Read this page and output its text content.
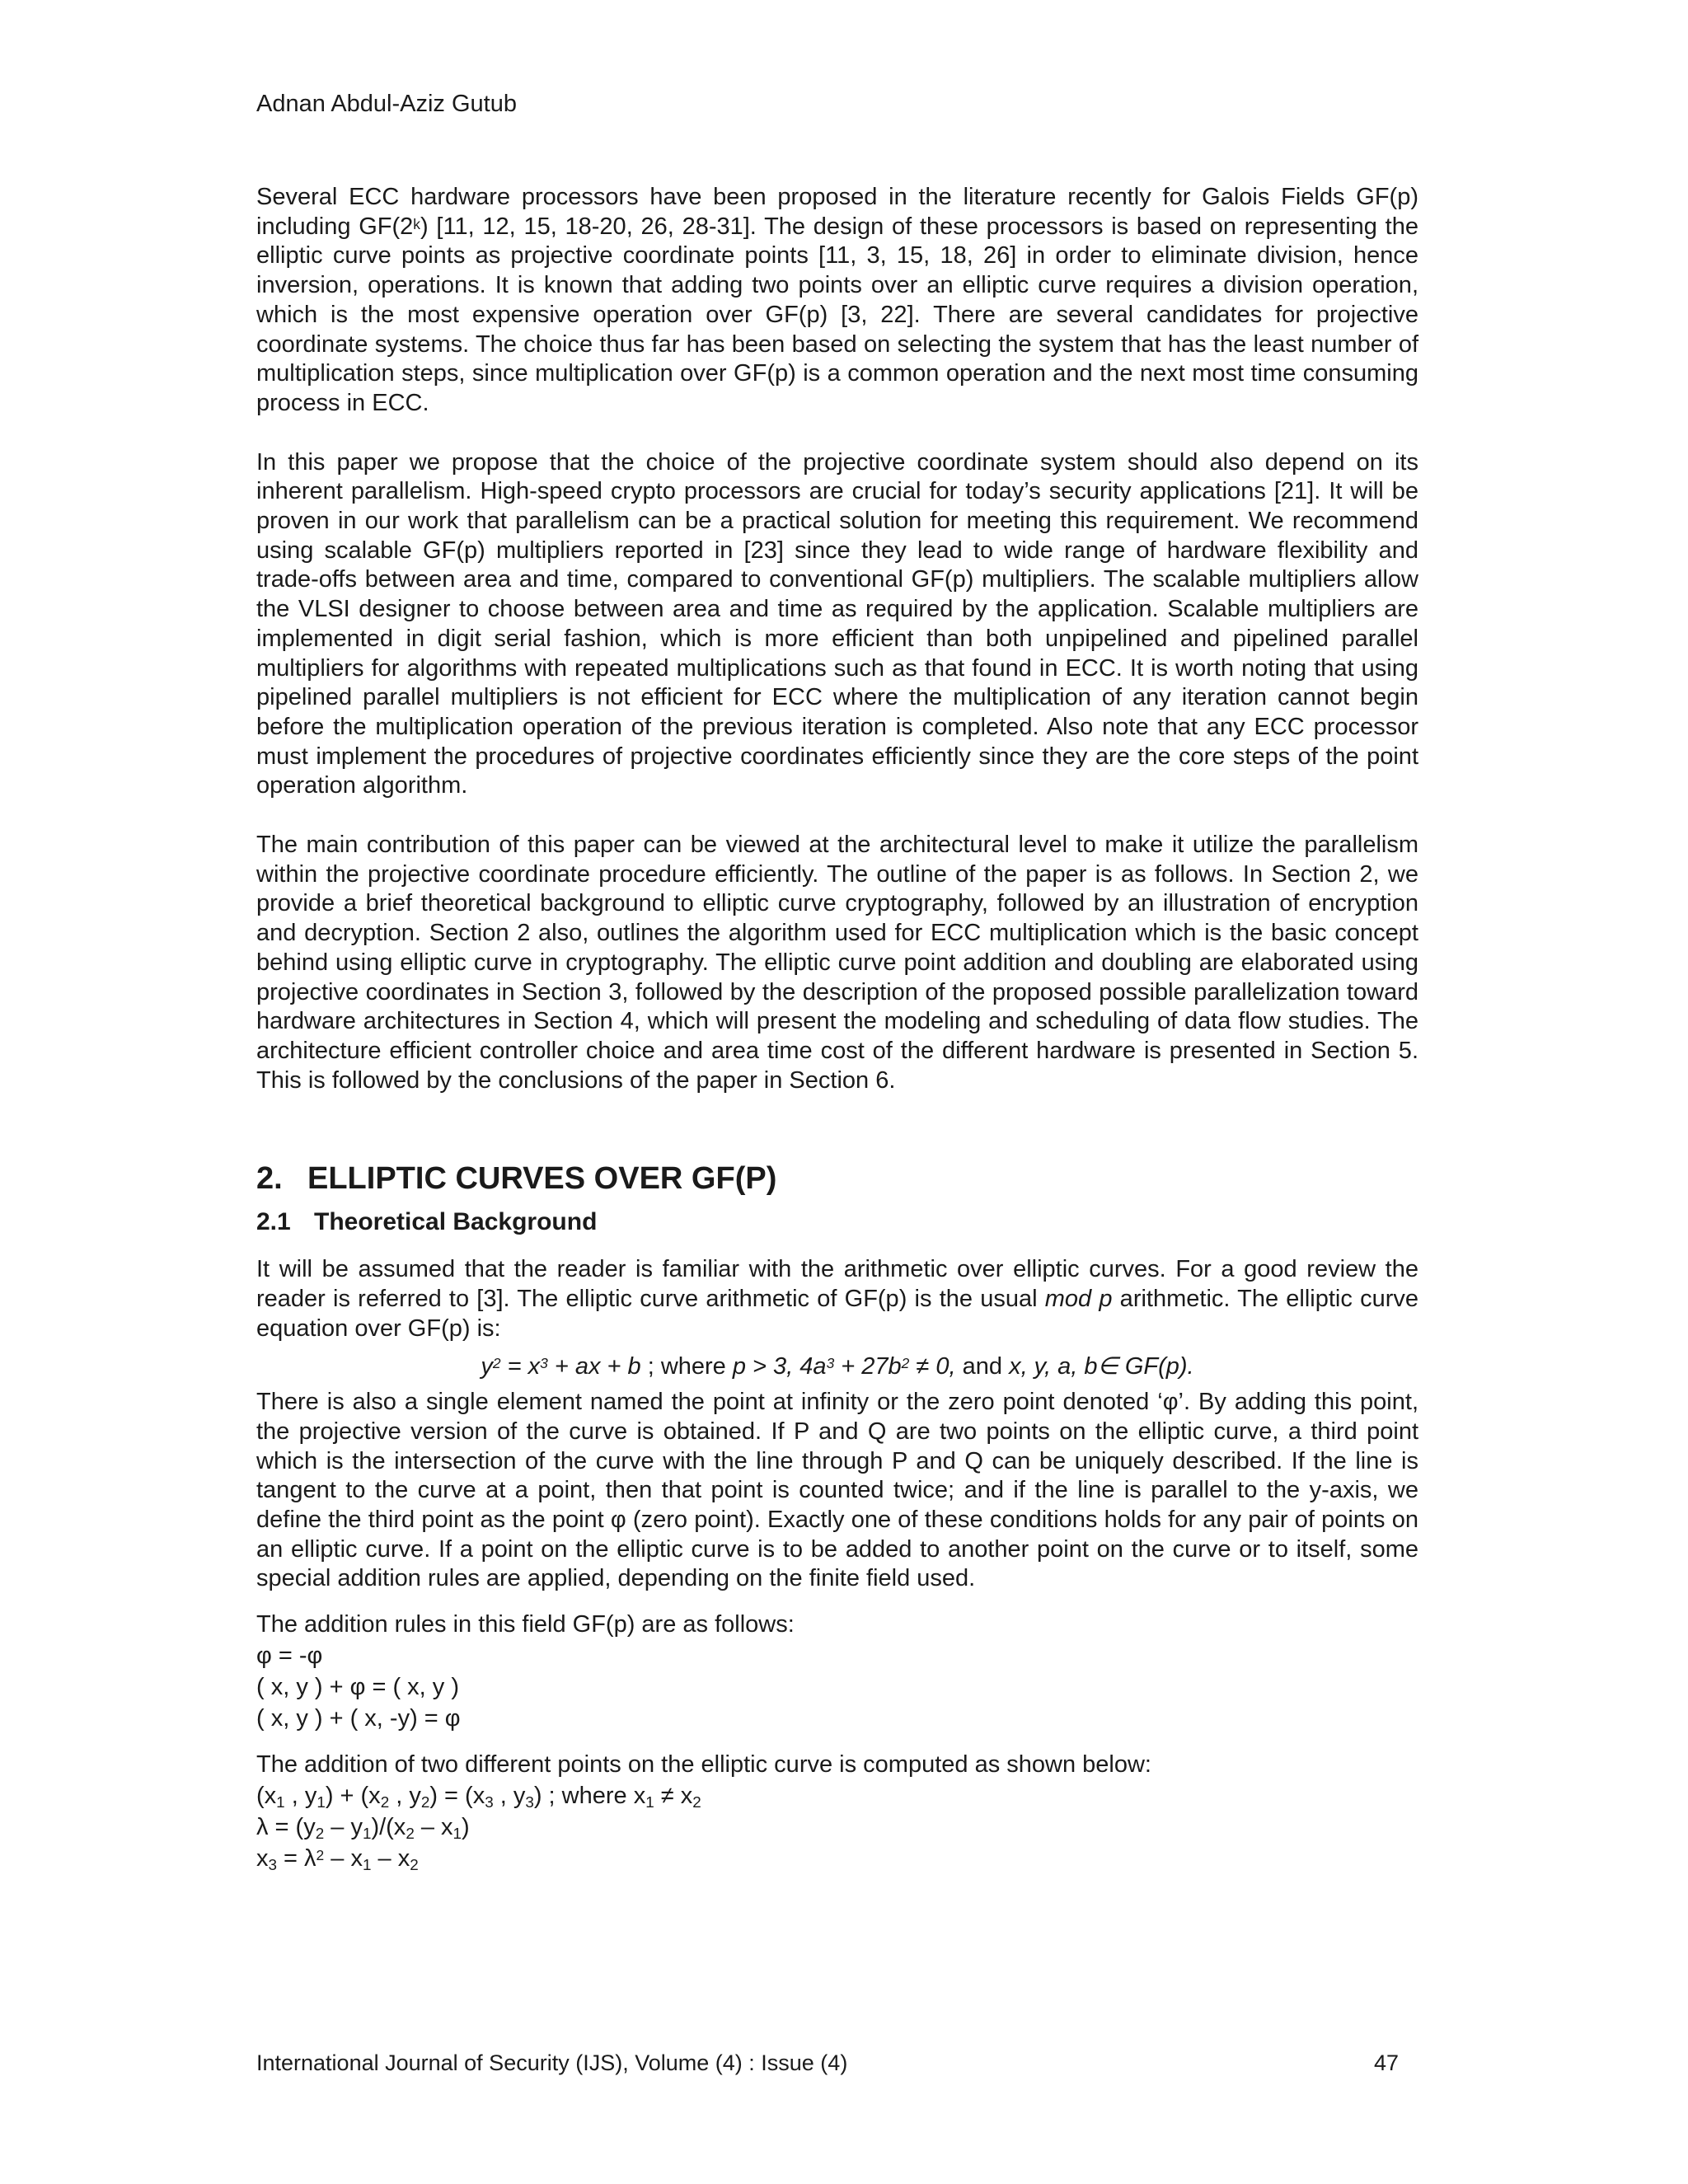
Adnan Abdul-Aziz Gutub

Several ECC hardware processors have been proposed in the literature recently for Galois Fields GF(p) including GF(2$^k$) [11, 12, 15, 18-20, 26, 28-31]. The design of these processors is based on representing the elliptic curve points as projective coordinate points [11, 3, 15, 18, 26] in order to eliminate division, hence inversion, operations. It is known that adding two points over an elliptic curve requires a division operation, which is the most expensive operation over GF(p) [3, 22]. There are several candidates for projective coordinate systems. The choice thus far has been based on selecting the system that has the least number of multiplication steps, since multiplication over GF(p) is a common operation and the next most time consuming process in ECC.

In this paper we propose that the choice of the projective coordinate system should also depend on its inherent parallelism. High-speed crypto processors are crucial for today’s security applications [21]. It will be proven in our work that parallelism can be a practical solution for meeting this requirement. We recommend using scalable GF(p) multipliers reported in [23] since they lead to wide range of hardware flexibility and trade-offs between area and time, compared to conventional GF(p) multipliers. The scalable multipliers allow the VLSI designer to choose between area and time as required by the application. Scalable multipliers are implemented in digit serial fashion, which is more efficient than both unpipelined and pipelined parallel multipliers for algorithms with repeated multiplications such as that found in ECC. It is worth noting that using pipelined parallel multipliers is not efficient for ECC where the multiplication of any iteration cannot begin before the multiplication operation of the previous iteration is completed. Also note that any ECC processor must implement the procedures of projective coordinates efficiently since they are the core steps of the point operation algorithm.

The main contribution of this paper can be viewed at the architectural level to make it utilize the parallelism within the projective coordinate procedure efficiently. The outline of the paper is as follows. In Section 2, we provide a brief theoretical background to elliptic curve cryptography, followed by an illustration of encryption and decryption. Section 2 also, outlines the algorithm used for ECC multiplication which is the basic concept behind using elliptic curve in cryptography. The elliptic curve point addition and doubling are elaborated using projective coordinates in Section 3, followed by the description of the proposed possible parallelization toward hardware architectures in Section 4, which will present the modeling and scheduling of data flow studies. The architecture efficient controller choice and area time cost of the different hardware is presented in Section 5. This is followed by the conclusions of the paper in Section 6.

2. ELLIPTIC CURVES OVER GF(P)
2.1 Theoretical Background

It will be assumed that the reader is familiar with the arithmetic over elliptic curves. For a good review the reader is referred to [3]. The elliptic curve arithmetic of GF(p) is the usual mod p arithmetic. The elliptic curve equation over GF(p) is:

$y^2 = x^3$ + ax + b ; where p > 3, $4a^3 + 27b^2 \ne 0$, and x, y, a, b∈ GF(p).

There is also a single element named the point at infinity or the zero point denoted ‘φ’. By adding this point, the projective version of the curve is obtained. If P and Q are two points on the elliptic curve, a third point which is the intersection of the curve with the line through P and Q can be uniquely described. If the line is tangent to the curve at a point, then that point is counted twice; and if the line is parallel to the y-axis, we define the third point as the point φ (zero point). Exactly one of these conditions holds for any pair of points on an elliptic curve. If a point on the elliptic curve is to be added to another point on the curve or to itself, some special addition rules are applied, depending on the finite field used.

The addition rules in this field GF(p) are as follows:

φ = -φ
( x, y ) + φ = ( x, y )
( x, y ) + ( x, -y) = φ

The addition of two different points on the elliptic curve is computed as shown below:

($x_1$ , $y_1) + (x_2$ , $y_2) = (x_3$ , $y_3$) ; where $x_1 \ne x_2$
$\lambda = (y_2 - y_1)/(x_2 - x_1)$
$x_3 = \lambda^2 - x_1 - x_2$
International Journal of Security (IJS), Volume (4) : Issue (4)	47
